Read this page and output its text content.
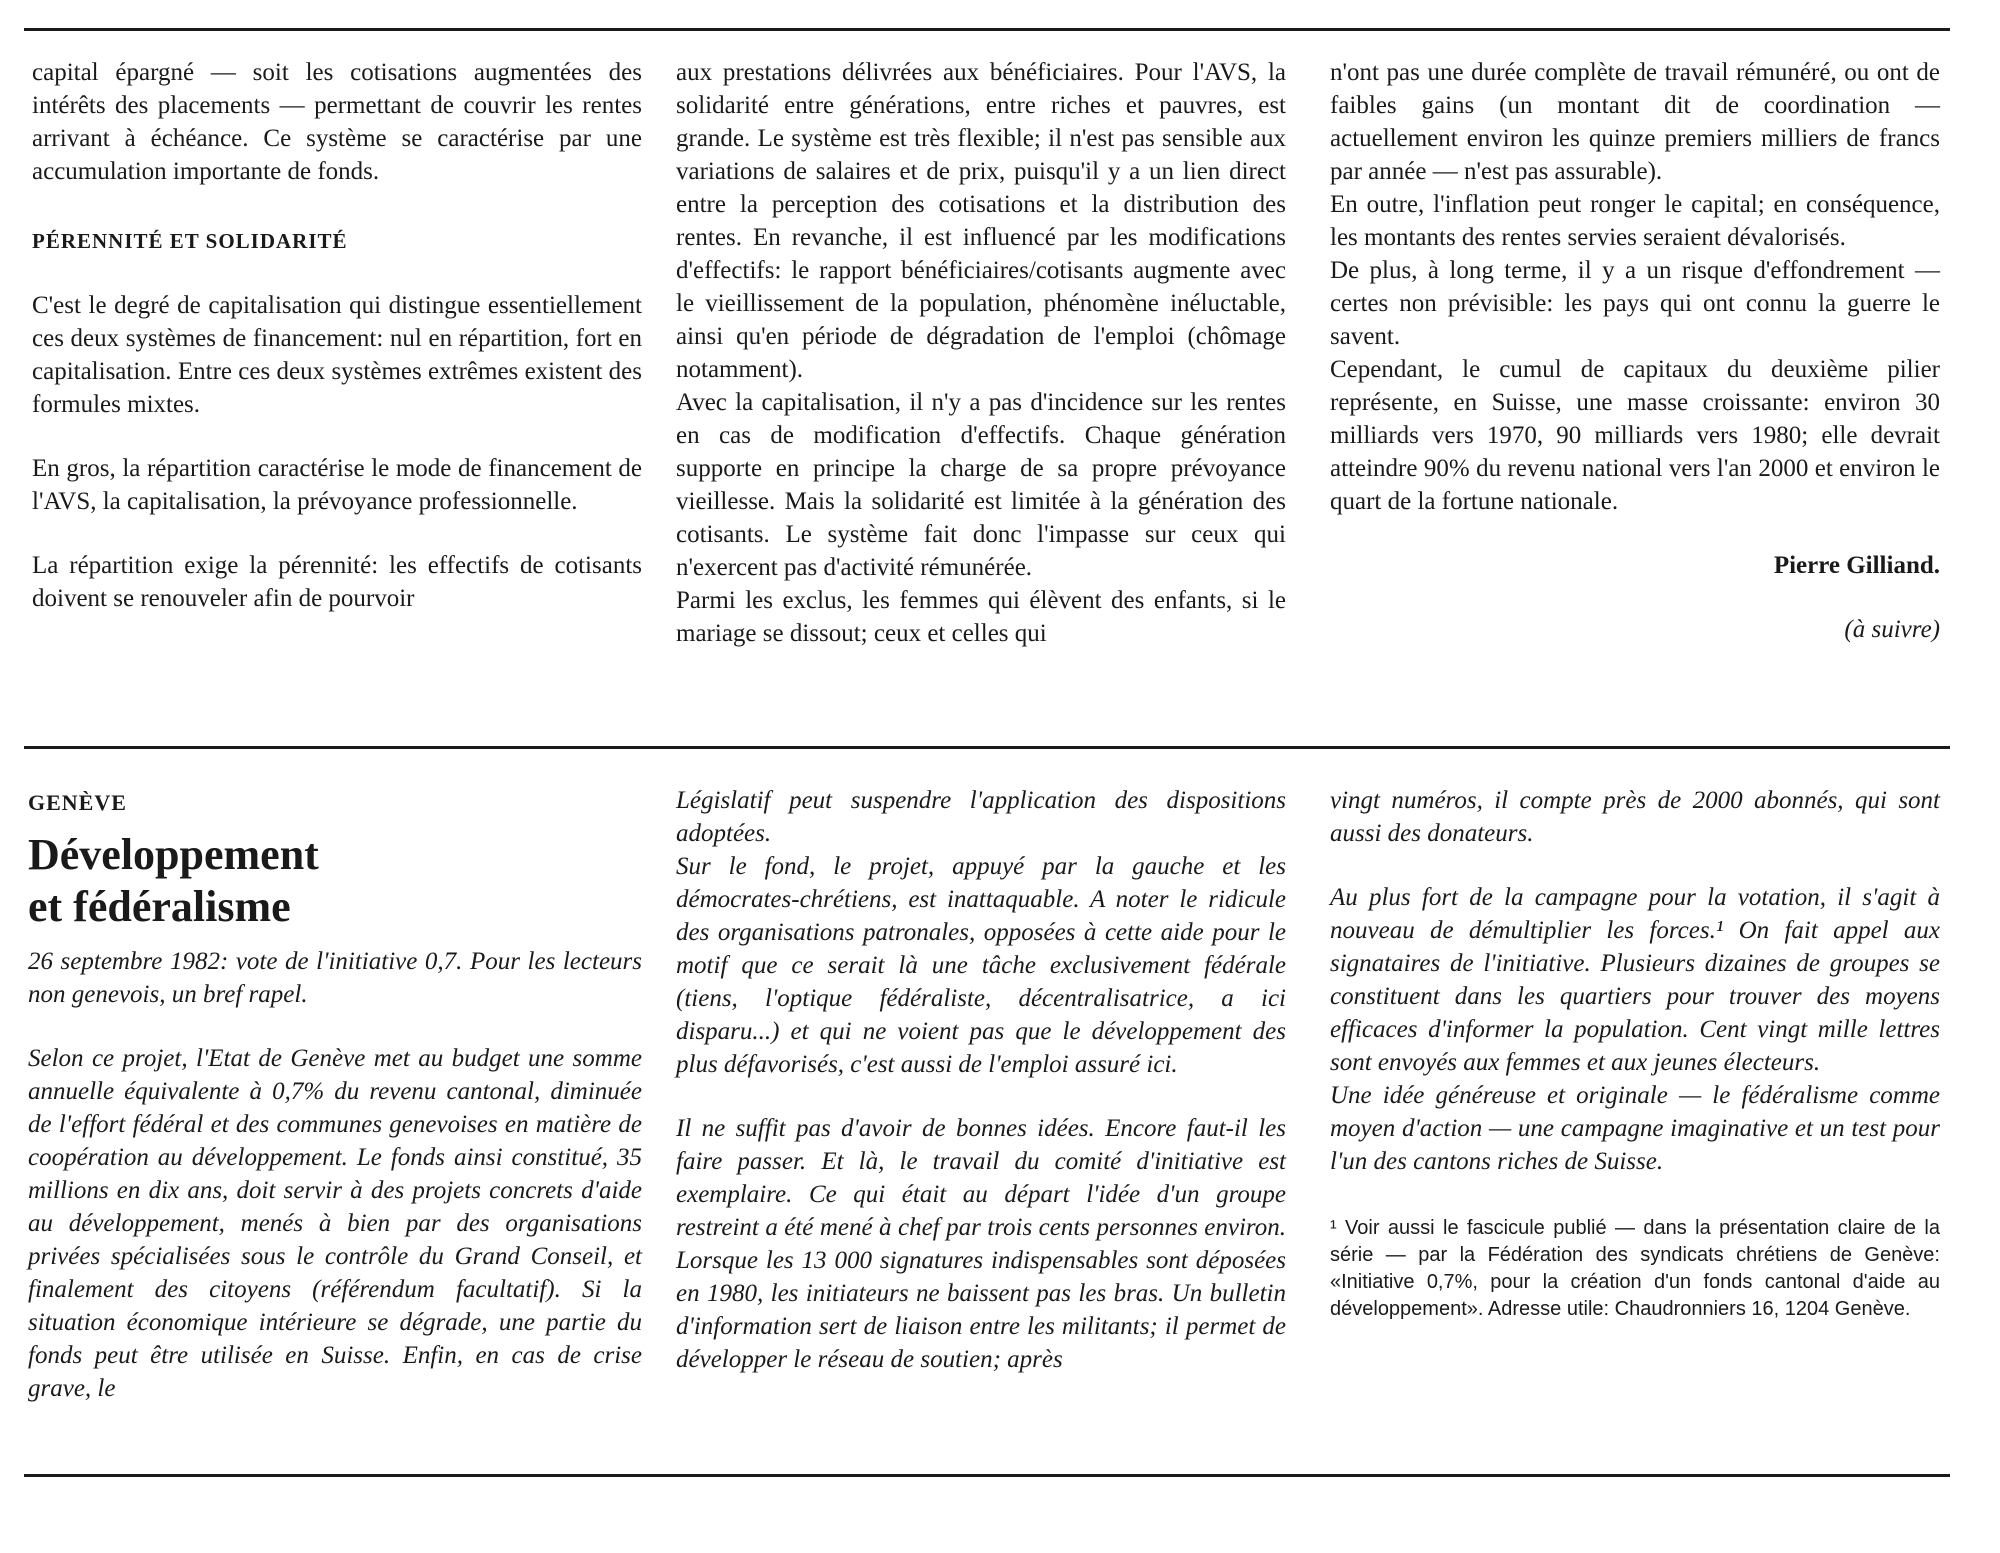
capital épargné — soit les cotisations augmentées des intérêts des placements — permettant de couvrir les rentes arrivant à échéance. Ce système se caractérise par une accumulation importante de fonds.

PÉRENNITÉ ET SOLIDARITÉ

C'est le degré de capitalisation qui distingue essentiellement ces deux systèmes de financement: nul en répartition, fort en capitalisation. Entre ces deux systèmes extrêmes existent des formules mixtes.

En gros, la répartition caractérise le mode de financement de l'AVS, la capitalisation, la prévoyance professionnelle.

La répartition exige la pérennité: les effectifs de cotisants doivent se renouveler afin de pourvoir

aux prestations délivrées aux bénéficiaires. Pour l'AVS, la solidarité entre générations, entre riches et pauvres, est grande. Le système est très flexible; il n'est pas sensible aux variations de salaires et de prix, puisqu'il y a un lien direct entre la perception des cotisations et la distribution des rentes. En revanche, il est influencé par les modifications d'effectifs: le rapport bénéficiaires/cotisants augmente avec le vieillissement de la population, phénomène inéluctable, ainsi qu'en période de dégradation de l'emploi (chômage notamment).

Avec la capitalisation, il n'y a pas d'incidence sur les rentes en cas de modification d'effectifs. Chaque génération supporte en principe la charge de sa propre prévoyance vieillesse. Mais la solidarité est limitée à la génération des cotisants. Le système fait donc l'impasse sur ceux qui n'exercent pas d'activité rémunérée.

Parmi les exclus, les femmes qui élèvent des enfants, si le mariage se dissout; ceux et celles qui

n'ont pas une durée complète de travail rémunéré, ou ont de faibles gains (un montant dit de coordination — actuellement environ les quinze premiers milliers de francs par année — n'est pas assurable).

En outre, l'inflation peut ronger le capital; en conséquence, les montants des rentes servies seraient dévalorisés.

De plus, à long terme, il y a un risque d'effondrement — certes non prévisible: les pays qui ont connu la guerre le savent.

Cependant, le cumul de capitaux du deuxième pilier représente, en Suisse, une masse croissante: environ 30 milliards vers 1970, 90 milliards vers 1980; elle devrait atteindre 90% du revenu national vers l'an 2000 et environ le quart de la fortune nationale.

Pierre Gilliand.

(à suivre)

GENÈVE
Développement
et fédéralisme

26 septembre 1982: vote de l'initiative 0,7. Pour les lecteurs non genevois, un bref rapel.

Selon ce projet, l'Etat de Genève met au budget une somme annuelle équivalente à 0,7% du revenu cantonal, diminuée de l'effort fédéral et des communes genevoises en matière de coopération au développement. Le fonds ainsi constitué, 35 millions en dix ans, doit servir à des projets concrets d'aide au développement, menés à bien par des organisations privées spécialisées sous le contrôle du Grand Conseil, et finalement des citoyens (référendum facultatif). Si la situation économique intérieure se dégrade, une partie du fonds peut être utilisée en Suisse. Enfin, en cas de crise grave, le

Législatif peut suspendre l'application des dispositions adoptées.

Sur le fond, le projet, appuyé par la gauche et les démocrates-chrétiens, est inattaquable. A noter le ridicule des organisations patronales, opposées à cette aide pour le motif que ce serait là une tâche exclusivement fédérale (tiens, l'optique fédéraliste, décentralisatrice, a ici disparu...) et qui ne voient pas que le développement des plus défavorisés, c'est aussi de l'emploi assuré ici.

Il ne suffit pas d'avoir de bonnes idées. Encore faut-il les faire passer. Et là, le travail du comité d'initiative est exemplaire. Ce qui était au départ l'idée d'un groupe restreint a été mené à chef par trois cents personnes environ. Lorsque les 13 000 signatures indispensables sont déposées en 1980, les initiateurs ne baissent pas les bras. Un bulletin d'information sert de liaison entre les militants; il permet de développer le réseau de soutien; après

vingt numéros, il compte près de 2000 abonnés, qui sont aussi des donateurs.

Au plus fort de la campagne pour la votation, il s'agit à nouveau de démultiplier les forces.¹ On fait appel aux signataires de l'initiative. Plusieurs dizaines de groupes se constituent dans les quartiers pour trouver des moyens efficaces d'informer la population. Cent vingt mille lettres sont envoyés aux femmes et aux jeunes électeurs.

Une idée généreuse et originale — le fédéralisme comme moyen d'action — une campagne imaginative et un test pour l'un des cantons riches de Suisse.

¹ Voir aussi le fascicule publié — dans la présentation claire de la série — par la Fédération des syndicats chrétiens de Genève: «Initiative 0,7%, pour la création d'un fonds cantonal d'aide au développement». Adresse utile: Chaudronniers 16, 1204 Genève.
